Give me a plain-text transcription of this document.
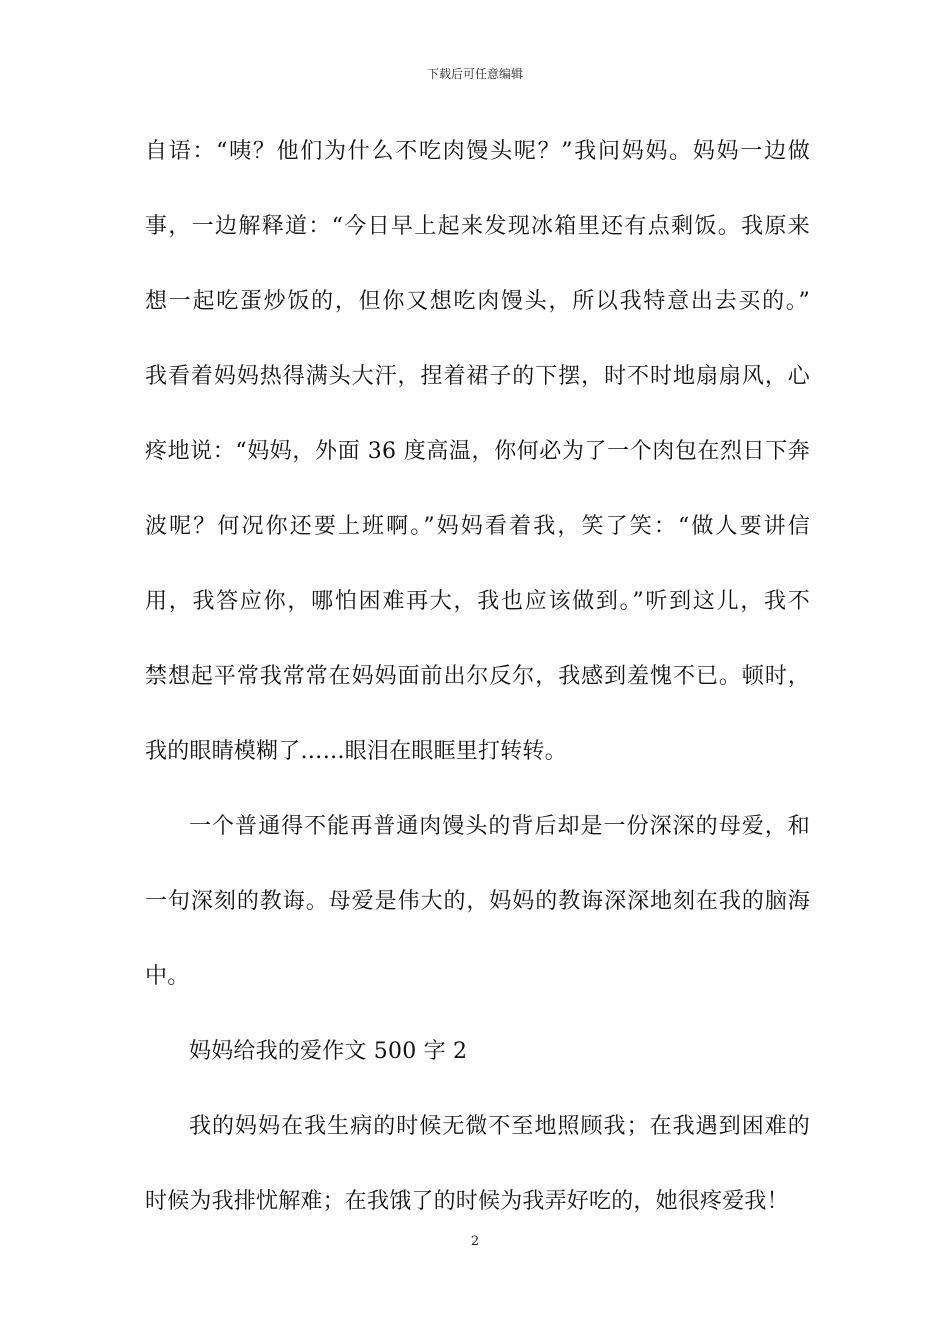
下载后可任意编辑
自语：“咦？他们为什么不吃肉馒头呢？”我问妈妈。妈妈一边做
事，一边解释道：“今日早上起来发现冰箱里还有点剩饭。我原来
想一起吃蛋炒饭的，但你又想吃肉馒头，所以我特意出去买的。”
我看着妈妈热得满头大汗，捏着裙子的下摆，时不时地扇扇风，心
疼地说：“妈妈，外面 36 度高温，你何必为了一个肉包在烈日下奔
波呢？何况你还要上班啊。”妈妈看着我，笑了笑：“做人要讲信
用，我答应你，哪怕困难再大，我也应该做到。”听到这儿，我不
禁想起平常我常常在妈妈面前出尔反尔，我感到羞愧不已。顿时，
我的眼睛模糊了……眼泪在眼眶里打转转。
一个普通得不能再普通肉馒头的背后却是一份深深的母爱，和
一句深刻的教诲。母爱是伟大的，妈妈的教诲深深地刻在我的脑海
中。
妈妈给我的爱作文 500 字 2
我的妈妈在我生病的时候无微不至地照顾我；在我遇到困难的
时候为我排忧解难；在我饿了的时候为我弄好吃的，她很疼爱我！
2
